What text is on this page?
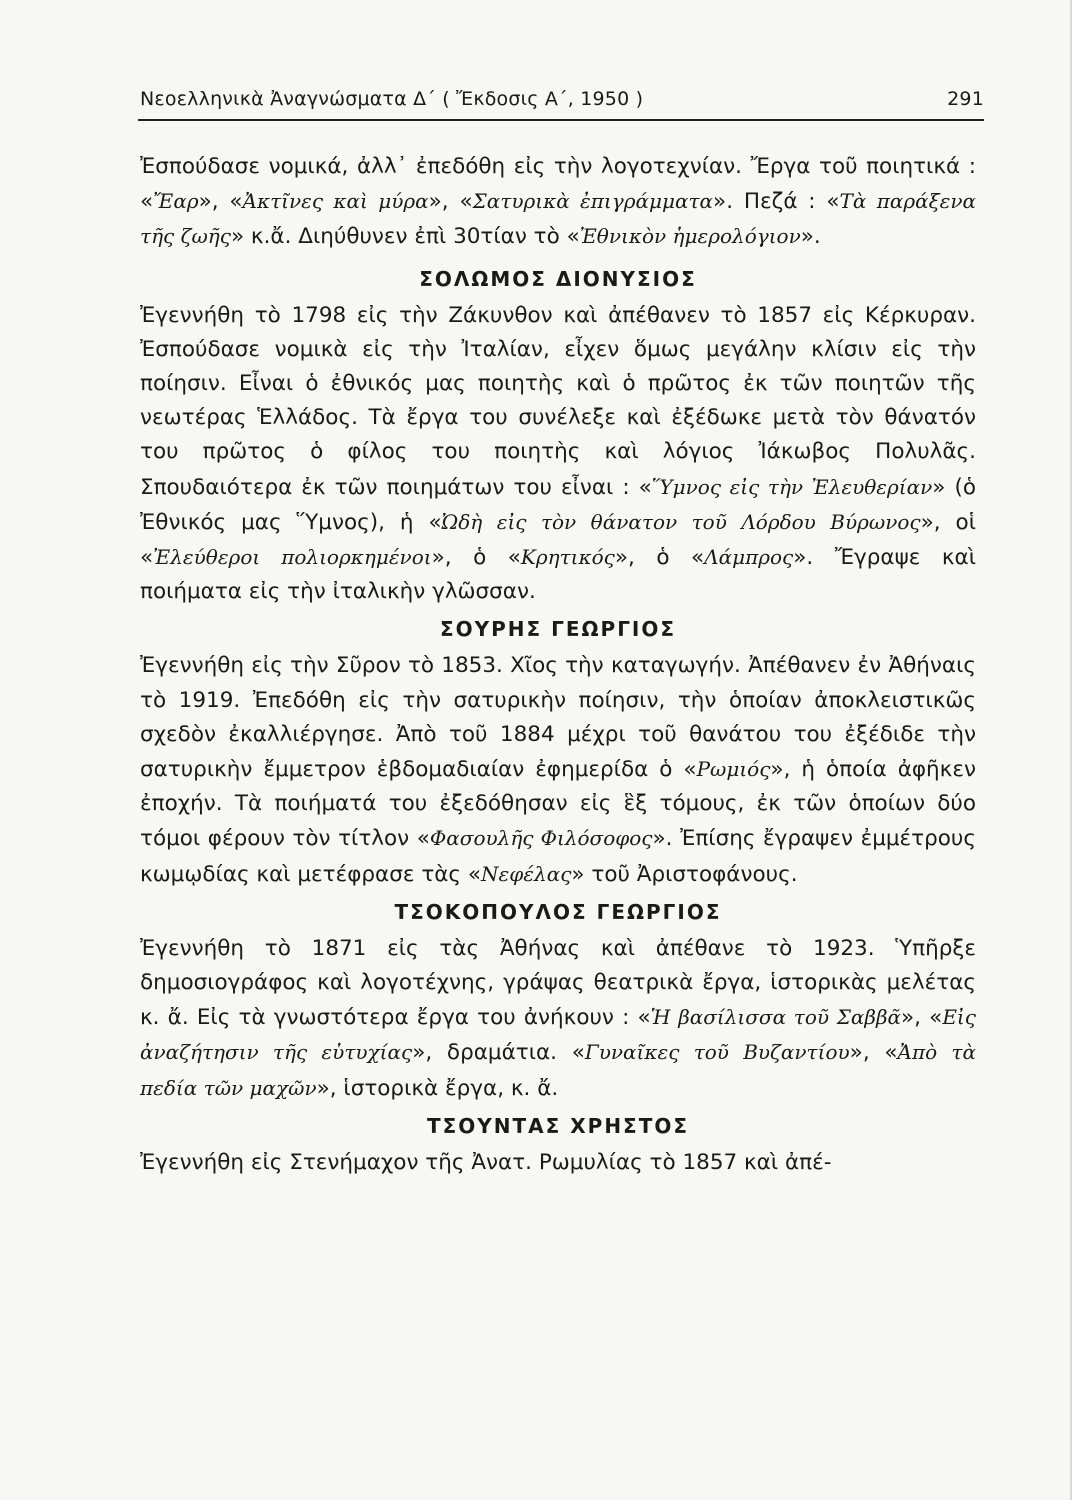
Νεοελληνικὰ Ἀναγνώσματα Δ´ ( Ἔκδοσις Α´, 1950 )	291

Ἐσπούδασε νομικά, ἀλλ᾽ ἐπεδόθη εἰς τὴν λογοτεχνίαν. Ἔργα τοῦ ποιητικά : «Ἔαρ», «Ἀκτῖνες καὶ μύρα», «Σατυρικὰ ἐπιγράμματα». Πεζά : «Τὰ παράξενα τῆς ζωῆς» κ.ἄ. Διηύθυνεν ἐπὶ 30τίαν τὸ «Ἐθνικὸν ἡμερολόγιον».

ΣΟΛΩΜΟΣ ΔΙΟΝΥΣΙΟΣ

Ἐγεννήθη τὸ 1798 εἰς τὴν Ζάκυνθον καὶ ἀπέθανεν τὸ 1857 εἰς Κέρκυραν. Ἐσπούδασε νομικὰ εἰς τὴν Ἰταλίαν, εἶχεν ὅμως μεγάλην κλίσιν εἰς τὴν ποίησιν. Εἶναι ὁ ἐθνικός μας ποιητὴς καὶ ὁ πρῶτος ἐκ τῶν ποιητῶν τῆς νεωτέρας Ἑλλάδος. Τὰ ἔργα του συνέλεξε καὶ ἐξέδωκε μετὰ τὸν θάνατόν του πρῶτος ὁ φίλος του ποιητὴς καὶ λόγιος Ἰάκωβος Πολυλᾶς. Σπουδαιότερα ἐκ τῶν ποιημάτων του εἶναι : «Ὕμνος εἰς τὴν Ἐλευθερίαν» (ὁ Ἐθνικός μας Ὕμνος), ἡ «Ὠδὴ εἰς τὸν θάνατον τοῦ Λόρδου Βύρωνος», οἱ «Ἐλεύθεροι πολιορκημένοι», ὁ «Κρητικός», ὁ «Λάμπρος». Ἔγραψε καὶ ποιήματα εἰς τὴν ἰταλικὴν γλῶσσαν.

ΣΟΥΡΗΣ ΓΕΩΡΓΙΟΣ

Ἐγεννήθη εἰς τὴν Σῦρον τὸ 1853. Χῖος τὴν καταγωγήν. Ἀπέθανεν ἐν Ἀθήναις τὸ 1919. Ἐπεδόθη εἰς τὴν σατυρικὴν ποίησιν, τὴν ὁποίαν ἀποκλειστικῶς σχεδὸν ἐκαλλιέργησε. Ἀπὸ τοῦ 1884 μέχρι τοῦ θανάτου του ἐξέδιδε τὴν σατυρικὴν ἔμμετρον ἑβδομαδιαίαν ἐφημερίδα ὁ «Ρωμιός», ἡ ὁποία ἀφῆκεν ἐποχήν. Τὰ ποιήματά του ἐξεδόθησαν εἰς ἓξ τόμους, ἐκ τῶν ὁποίων δύο τόμοι φέρουν τὸν τίτλον «Φασουλῆς Φιλόσοφος». Ἐπίσης ἔγραψεν ἐμμέτρους κωμῳδίας καὶ μετέφρασε τὰς «Νεφέλας» τοῦ Ἀριστοφάνους.

ΤΣΟΚΟΠΟΥΛΟΣ ΓΕΩΡΓΙΟΣ

Ἐγεννήθη τὸ 1871 εἰς τὰς Ἀθήνας καὶ ἀπέθανε τὸ 1923. Ὑπῆρξε δημοσιογράφος καὶ λογοτέχνης, γράψας θεατρικὰ ἔργα, ἱστορικὰς μελέτας κ. ἄ. Εἰς τὰ γνωστότερα ἔργα του ἀνήκουν : «Ἡ βασίλισσα τοῦ Σαββᾶ», «Εἰς ἀναζήτησιν τῆς εὐτυχίας», δραμάτια. «Γυναῖκες τοῦ Βυζαντίου», «Ἀπὸ τὰ πεδία τῶν μαχῶν», ἱστορικὰ ἔργα, κ. ἄ.

ΤΣΟΥΝΤΑΣ ΧΡΗΣΤΟΣ

Ἐγεννήθη εἰς Στενήμαχον τῆς Ἀνατ. Ρωμυλίας τὸ 1857 καὶ ἀπέ-
